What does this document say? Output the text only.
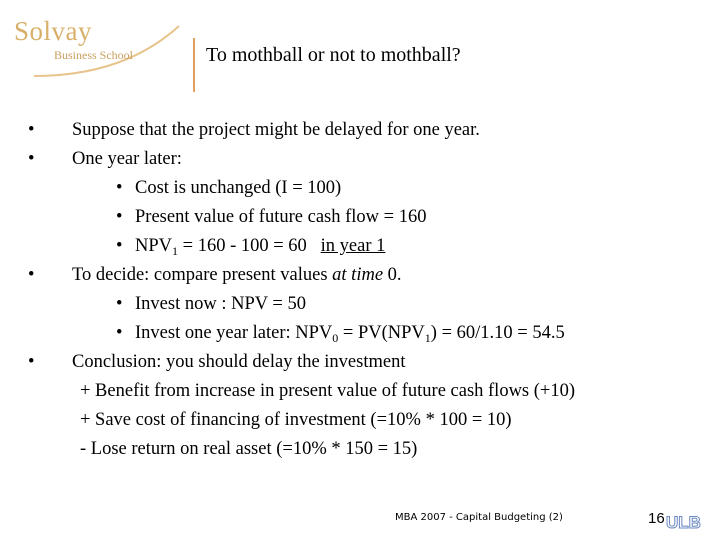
Solvay
Business School	To mothball or not to mothball?
• Suppose that the project might be delayed for one year.
• One year later:
• Cost is unchanged (I = 100)
• Present value of future cash flow = 160
• $NPV_1 = 160 - 100 = 60$   in year 1
• To decide: compare present values at time 0.
• Invest now : NPV = 50
• Invest one year later: $NPV_0 = PV(NPV_1) = 60/1.10 = 54.5$
• Conclusion: you should delay the investment
+ Benefit from increase in present value of future cash flows (+10)
+ Save cost of financing of investment (=10% * 100 = 10)
- Lose return on real asset (=10% * 150 = 15)
MBA 2007 - Capital Budgeting (2)	16 ULB
